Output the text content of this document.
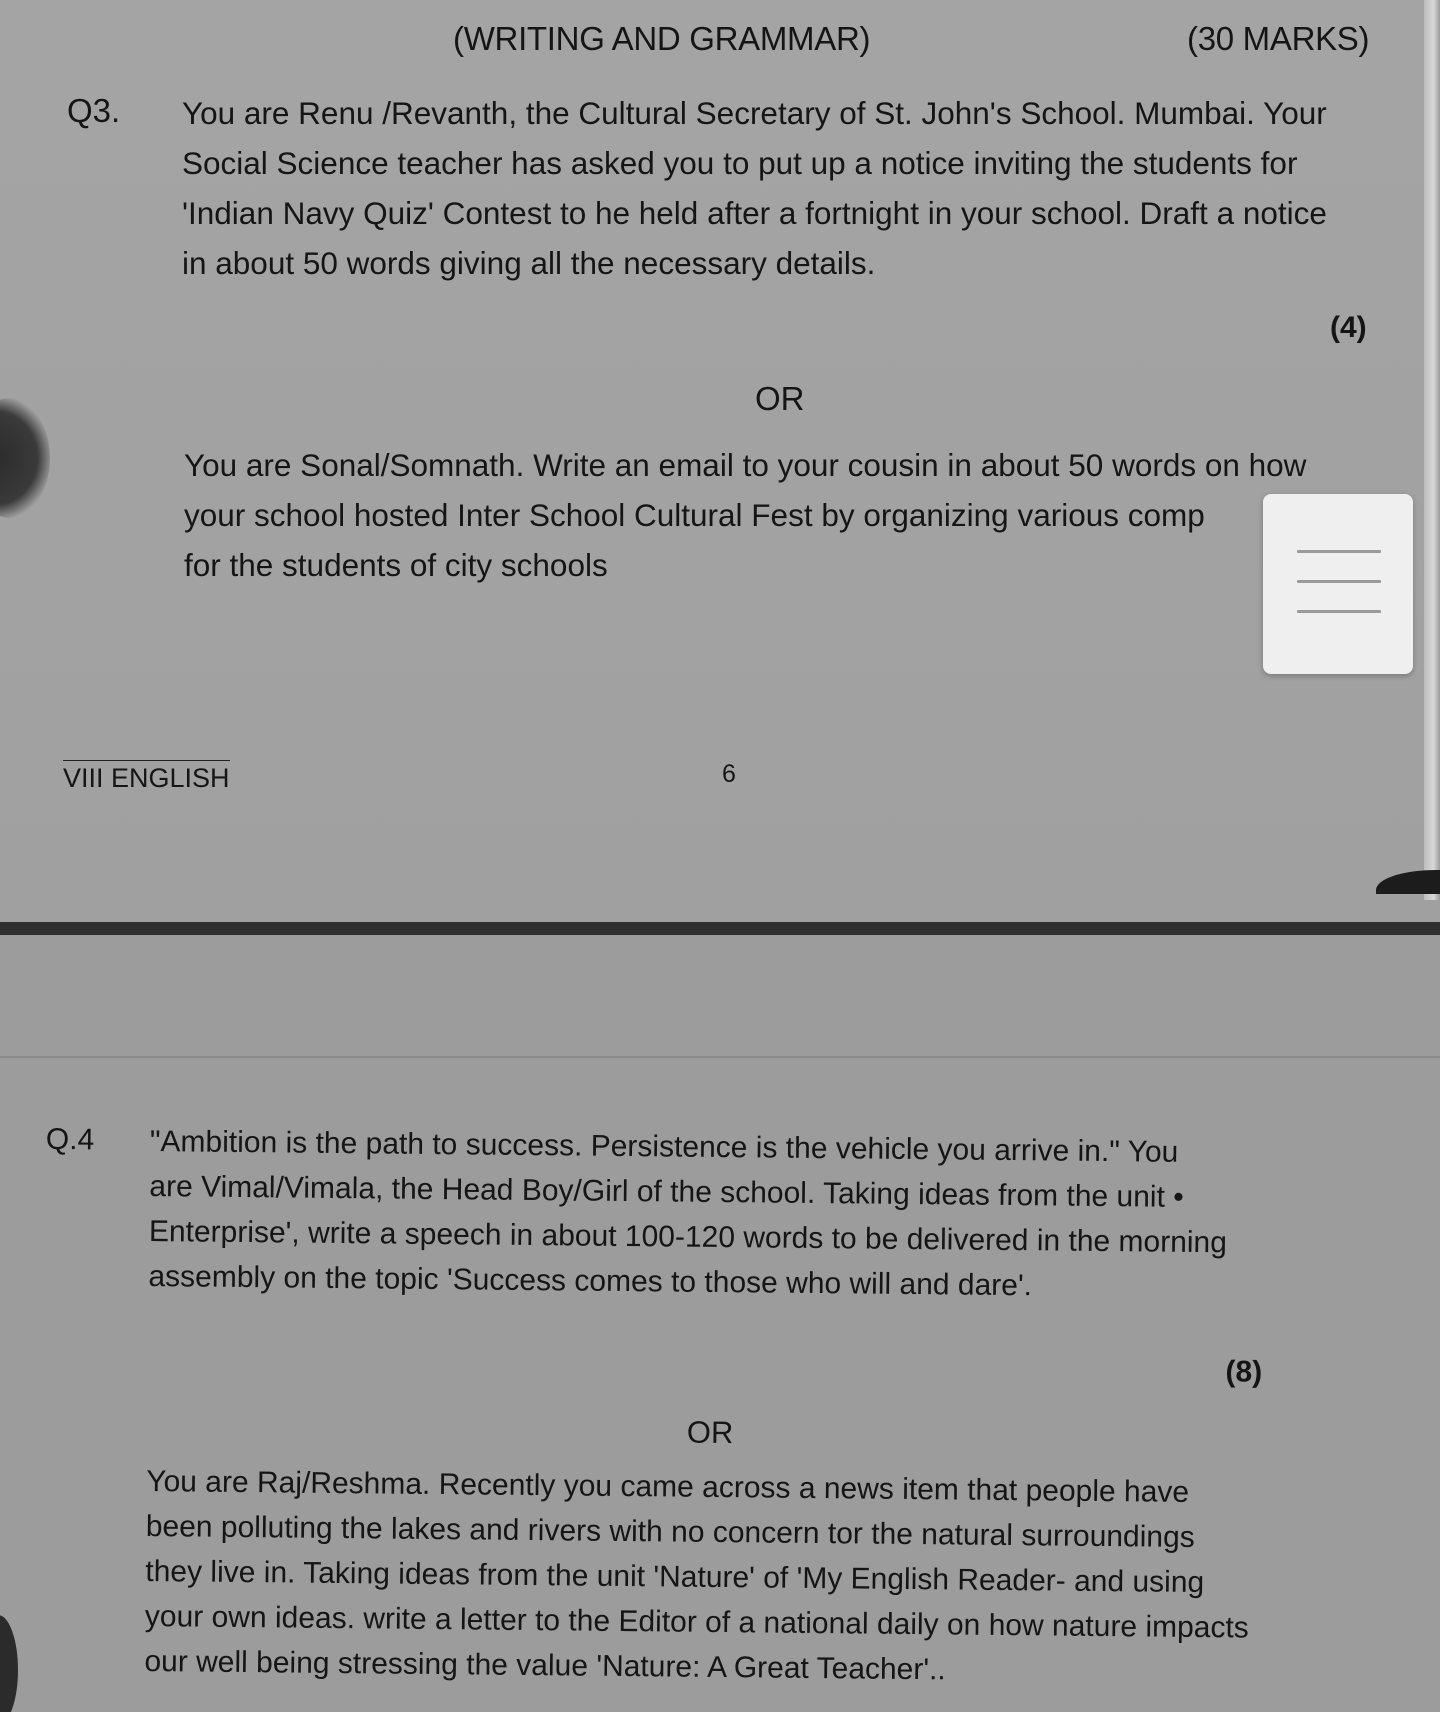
(WRITING AND GRAMMAR)	(30 MARKS)
Q3. You are Renu /Revanth, the Cultural Secretary of St. John's School. Mumbai. Your
Social Science teacher has asked you to put up a notice inviting the students for
'Indian Navy Quiz' Contest to he held after a fortnight in your school. Draft a notice
in about 50 words giving all the necessary details.
(4)
OR
You are Sonal/Somnath. Write an email to your cousin in about 50 words on how
your school hosted Inter School Cultural Fest by organizing various comp
for the students of city schools
VIII ENGLISH	6
Q.4 "Ambition is the path to success. Persistence is the vehicle you arrive in." You
are Vimal/Vimala, the Head Boy/Girl of the school. Taking ideas from the unit •
Enterprise', write a speech in about 100-120 words to be delivered in the morning
assembly on the topic 'Success comes to those who will and dare'.
(8)
OR
You are Raj/Reshma. Recently you came across a news item that people have
been polluting the lakes and rivers with no concern tor the natural surroundings
they live in. Taking ideas from the unit 'Nature' of 'My English Reader- and using
your own ideas. write a letter to the Editor of a national daily on how nature impacts
our well being stressing the value 'Nature: A Great Teacher'..
